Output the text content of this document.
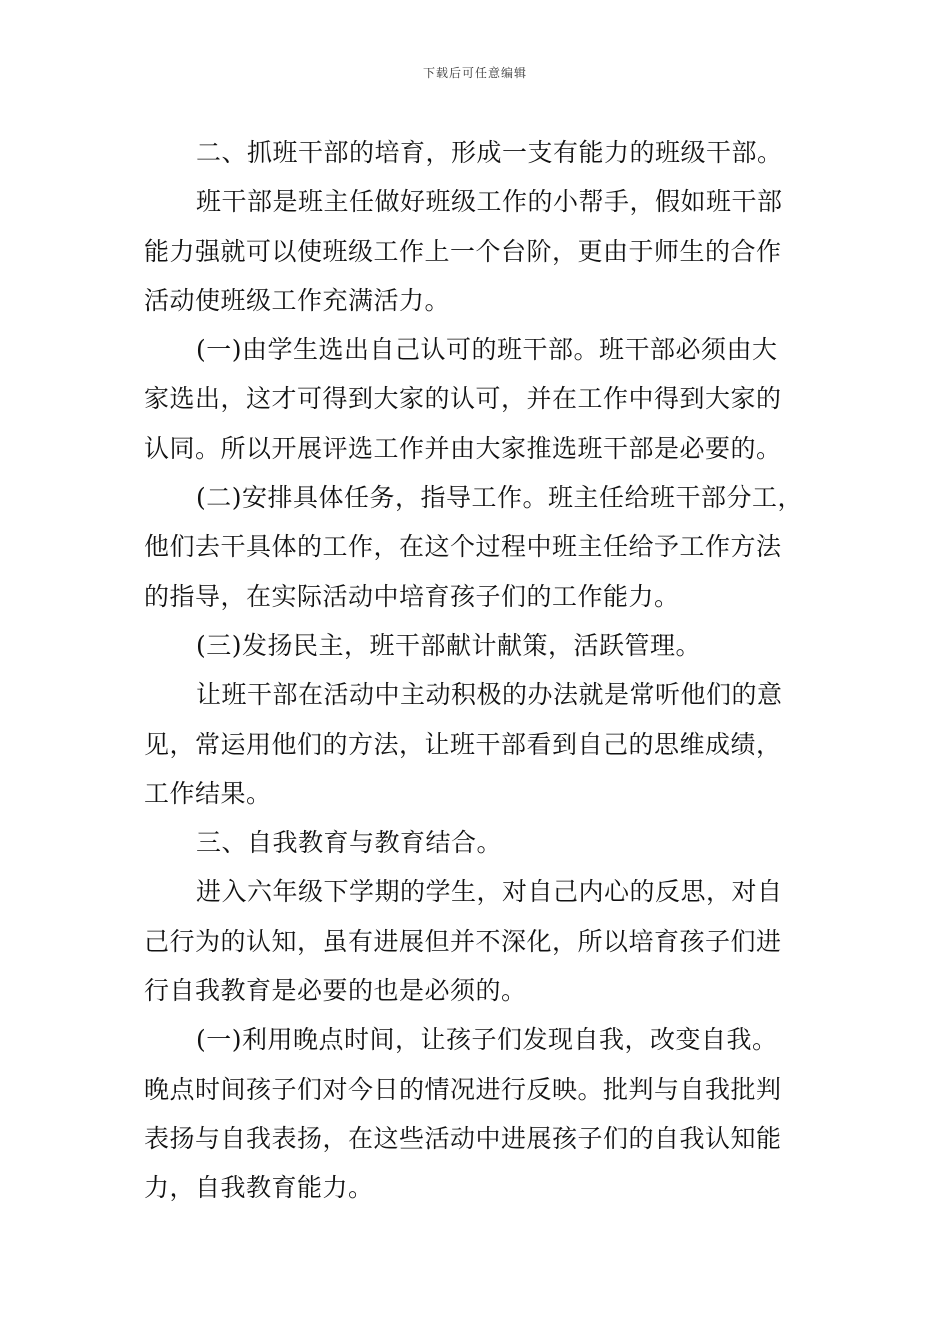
下载后可任意编辑
二、抓班干部的培育，形成一支有能力的班级干部。
班干部是班主任做好班级工作的小帮手，假如班干部
能力强就可以使班级工作上一个台阶，更由于师生的合作
活动使班级工作充满活力。
(一)由学生选出自己认可的班干部。班干部必须由大
家选出，这才可得到大家的认可，并在工作中得到大家的
认同。所以开展评选工作并由大家推选班干部是必要的。
(二)安排具体任务，指导工作。班主任给班干部分工，
他们去干具体的工作，在这个过程中班主任给予工作方法
的指导，在实际活动中培育孩子们的工作能力。
(三)发扬民主，班干部献计献策，活跃管理。
让班干部在活动中主动积极的办法就是常听他们的意
见，常运用他们的方法，让班干部看到自己的思维成绩，
工作结果。
三、自我教育与教育结合。
进入六年级下学期的学生，对自己内心的反思，对自
己行为的认知，虽有进展但并不深化，所以培育孩子们进
行自我教育是必要的也是必须的。
(一)利用晚点时间，让孩子们发现自我，改变自我。
晚点时间孩子们对今日的情况进行反映。批判与自我批判
表扬与自我表扬，在这些活动中进展孩子们的自我认知能
力，自我教育能力。
